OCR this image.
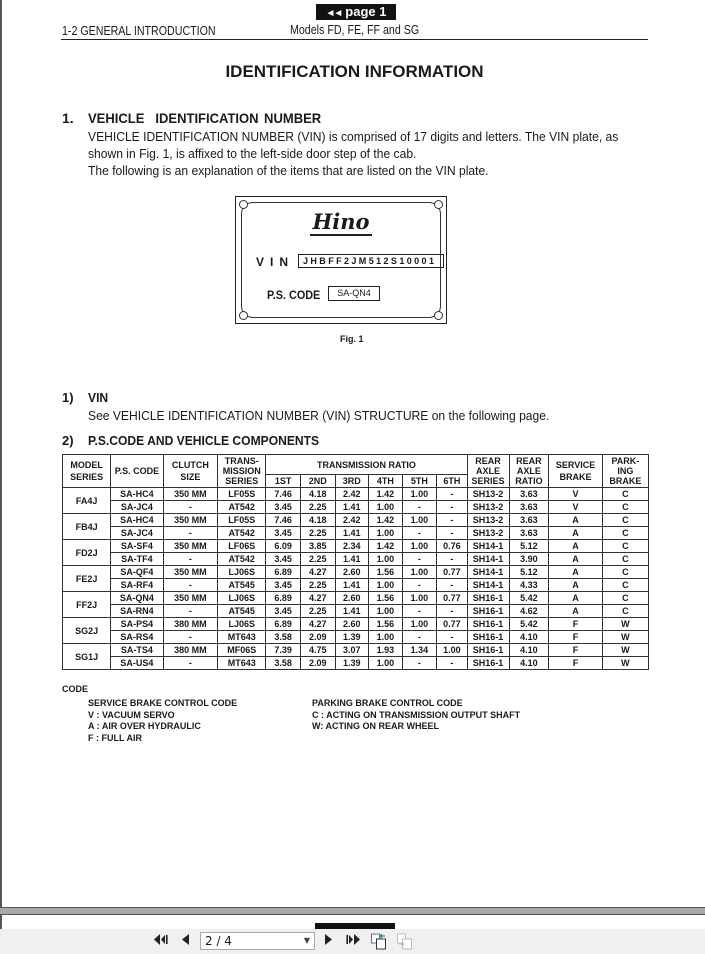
◄◄ page 1
1-2 GENERAL INTRODUCTION	Models FD, FE, FF and SG
IDENTIFICATION INFORMATION
1. VEHICLE  IDENTIFICATION NUMBER
VEHICLE IDENTIFICATION NUMBER (VIN) is comprised of 17 digits and letters. The VIN plate, as
shown in Fig. 1, is affixed to the left-side door step of the cab.
The following is an explanation of the items that are listed on the VIN plate.
Hino
VIN JHBFF2JM512S10001
P.S. CODE	SA-QN4
Fig. 1
1) VIN
See VEHICLE IDENTIFICATION NUMBER (VIN) STRUCTURE on the following page.
2) P.S.CODE AND VEHICLE COMPONENTS
MODEL SERIES	P.S. CODE	CLUTCH SIZE	TRANS- MISSION SERIES	TRANSMISSION RATIO						REAR AXLE SERIES	REAR AXLE RATIO	SERVICE BRAKE	PARK- ING BRAKE
				1ST	2ND	3RD	4TH	5TH	6TH				
FA4J	SA-HC4	350 MM	LF05S	7.46	4.18	2.42	1.42	1.00	-	SH13-2	3.63	V	C
	SA-JC4	-	AT542	3.45	2.25	1.41	1.00	-	-	SH13-2	3.63	V	C
FB4J	SA-HC4	350 MM	LF05S	7.46	4.18	2.42	1.42	1.00	-	SH13-2	3.63	A	C
	SA-JC4	-	AT542	3.45	2.25	1.41	1.00	-	-	SH13-2	3.63	A	C
FD2J	SA-SF4	350 MM	LF06S	6.09	3.85	2.34	1.42	1.00	0.76	SH14-1	5.12	A	C
	SA-TF4	-	AT542	3.45	2.25	1.41	1.00	-	-	SH14-1	3.90	A	C
FE2J	SA-QF4	350 MM	LJ06S	6.89	4.27	2.60	1.56	1.00	0.77	SH14-1	5.12	A	C
	SA-RF4	-	AT545	3.45	2.25	1.41	1.00	-	-	SH14-1	4.33	A	C
FF2J	SA-QN4	350 MM	LJ06S	6.89	4.27	2.60	1.56	1.00	0.77	SH16-1	5.42	A	C
	SA-RN4	-	AT545	3.45	2.25	1.41	1.00	-	-	SH16-1	4.62	A	C
SG2J	SA-PS4	380 MM	LJ06S	6.89	4.27	2.60	1.56	1.00	0.77	SH16-1	5.42	F	W
	SA-RS4	-	MT643	3.58	2.09	1.39	1.00	-	-	SH16-1	4.10	F	W
SG1J	SA-TS4	380 MM	MF06S	7.39	4.75	3.07	1.93	1.34	1.00	SH16-1	4.10	F	W
	SA-US4	-	MT643	3.58	2.09	1.39	1.00	-	-	SH16-1	4.10	F	W
CODE
SERVICE BRAKE CONTROL CODE
V : VACUUM SERVO
A : AIR OVER HYDRAULIC
F : FULL AIR
PARKING BRAKE CONTROL CODE
C : ACTING ON TRANSMISSION OUTPUT SHAFT
W: ACTING ON REAR WHEEL
2 / 4	▼
